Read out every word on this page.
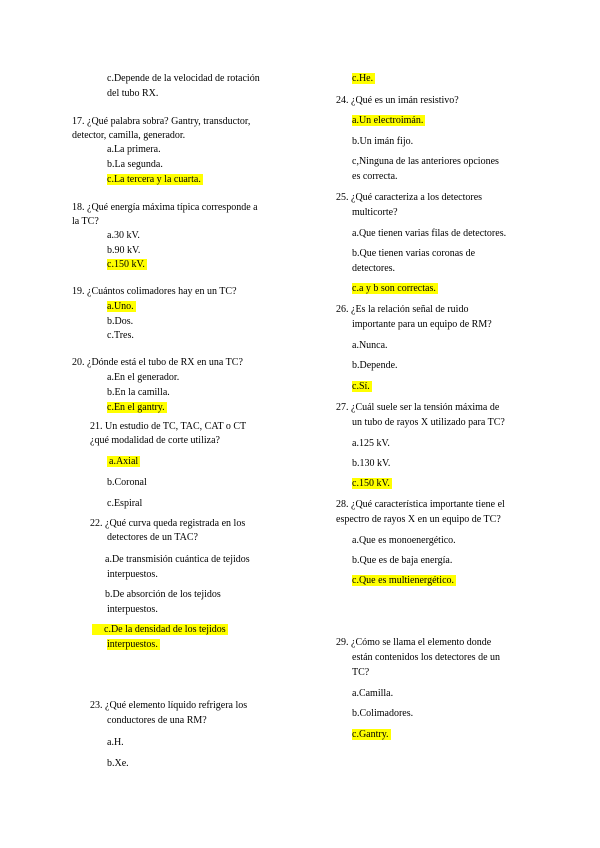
c.Depende de la velocidad de rotación
del tubo RX.
17. ¿Qué palabra sobra? Gantry, transductor,
detector, camilla, generador.
a.La primera.
b.La segunda.
c.La tercera y la cuarta.
18. ¿Qué energía máxima típica corresponde a
la TC?
a.30 kV.
b.90 kV.
c.150 kV.
19. ¿Cuántos colimadores hay en un TC?
a.Uno.
b.Dos.
c.Tres.
20. ¿Dónde está el tubo de RX en una TC?
a.En el generador.
b.En la camilla.
c.En el gantry.
21. Un estudio de TC, TAC, CAT o CT
¿qué modalidad de corte utiliza?
a.Axial
b.Coronal
c.Espiral
22. ¿Qué curva queda registrada en los
detectores de un TAC?
a.De transmisión cuántica de tejidos
interpuestos.
b.De absorción de los tejidos
interpuestos.
c.De la densidad de los tejidos
interpuestos.
23. ¿Qué elemento líquido refrigera los
conductores de una RM?
a.H.
b.Xe.
c.He.
24. ¿Qué es un imán resistivo?
a.Un electroimán.
b.Un imán fijo.
c,Ninguna de las anteriores opciones
es correcta.
25. ¿Qué caracteriza a los detectores
multicorte?
a.Que tienen varias filas de detectores.
b.Que tienen varias coronas de
detectores.
c.a y b son correctas.
26. ¿Es la relación señal de ruido
importante para un equipo de RM?
a.Nunca.
b.Depende.
c.Sí.
27. ¿Cuál suele ser la tensión máxima de
un tubo de rayos X utilizado para TC?
a.125 kV.
b.130 kV.
c.150 kV.
28. ¿Qué característica importante tiene el
espectro de rayos X en un equipo de TC?
a.Que es monoenergético.
b.Que es de baja energía.
c.Que es multienergético.
29. ¿Cómo se llama el elemento donde
están contenidos los detectores de un
TC?
a.Camilla.
b.Colimadores.
c.Gantry.
